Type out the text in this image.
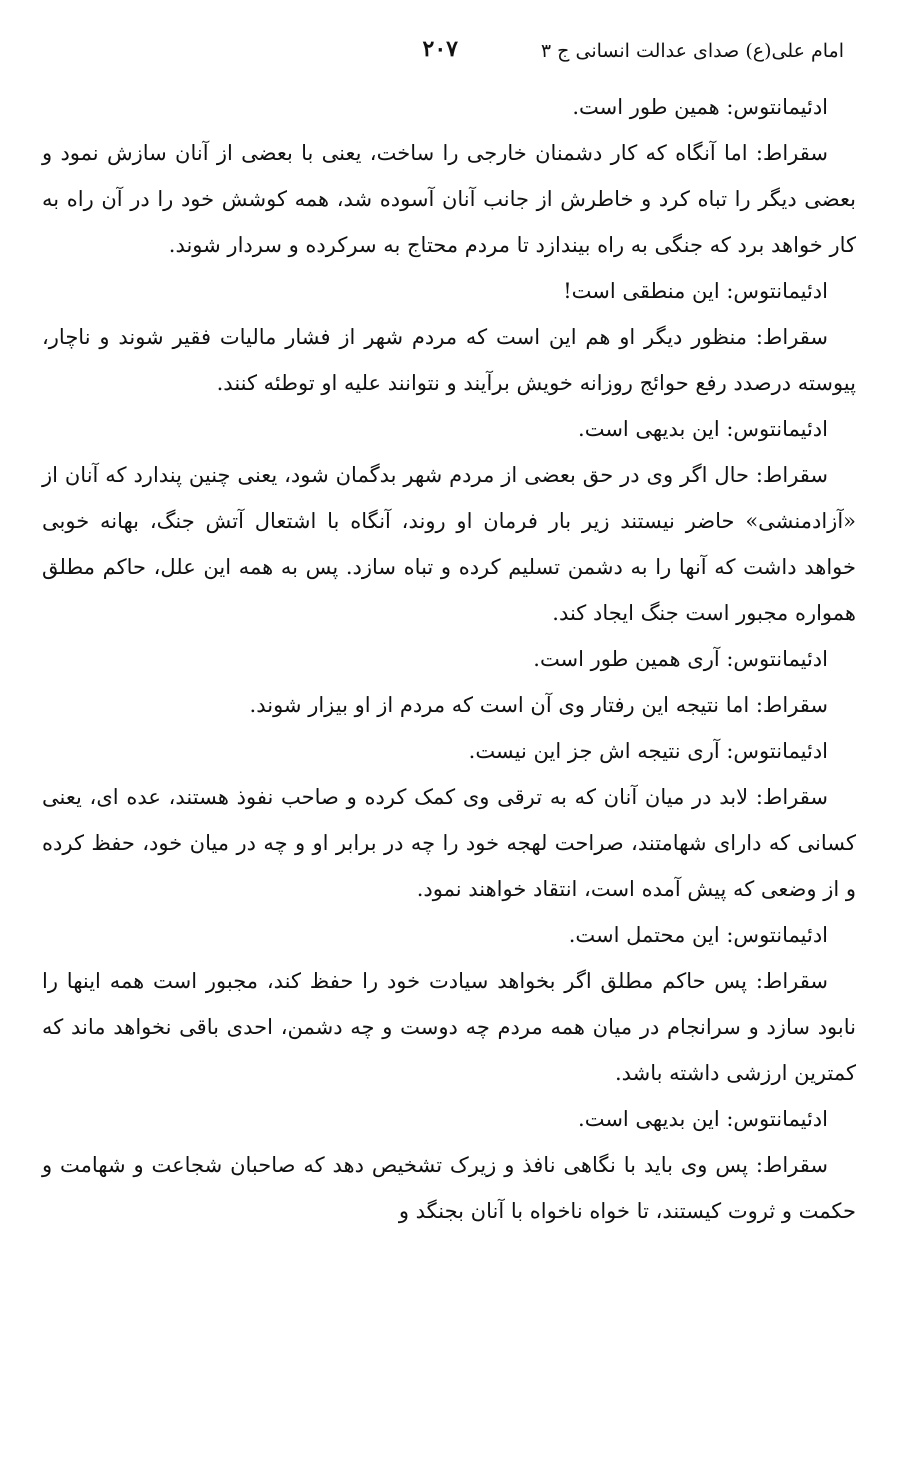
امام علی(ع) صدای عدالت انسانی ج ۳
۲۰۷

ادئیمانتوس: همین طور است.

سقراط: اما آنگاه که کار دشمنان خارجی را ساخت، یعنی با بعضی از آنان سازش نمود و بعضی دیگر را تباه کرد و خاطرش از جانب آنان آسوده شد، همه کوشش خود را در آن راه به کار خواهد برد که جنگی به راه بیندازد تا مردم محتاج به سرکرده و سردار شوند.

ادئیمانتوس: این منطقی است!

سقراط: منظور دیگر او هم این است که مردم شهر از فشار مالیات فقیر شوند و ناچار، پیوسته درصدد رفع حوائج روزانه خویش برآیند و نتوانند علیه او توطئه کنند.

ادئیمانتوس: این بدیهی است.

سقراط: حال اگر وی در حق بعضی از مردم شهر بدگمان شود، یعنی چنین پندارد که آنان از «آزادمنشی» حاضر نیستند زیر بار فرمان او روند، آنگاه با اشتعال آتش جنگ، بهانه خوبی خواهد داشت که آنها را به دشمن تسلیم کرده و تباه سازد. پس به همه این علل، حاکم مطلق همواره مجبور است جنگ ایجاد کند.

ادئیمانتوس: آری همین طور است.

سقراط: اما نتیجه این رفتار وی آن است که مردم از او بیزار شوند.

ادئیمانتوس: آری نتیجه اش جز این نیست.

سقراط: لابد در میان آنان که به ترقی وی کمک کرده و صاحب نفوذ هستند، عده ای، یعنی کسانی که دارای شهامتند، صراحت لهجه خود را چه در برابر او و چه در میان خود، حفظ کرده و از وضعی که پیش آمده است، انتقاد خواهند نمود.

ادئیمانتوس: این محتمل است.

سقراط: پس حاکم مطلق اگر بخواهد سیادت خود را حفظ کند، مجبور است همه اینها را نابود سازد و سرانجام در میان همه مردم چه دوست و چه دشمن، احدی باقی نخواهد ماند که کمترین ارزشی داشته باشد.

ادئیمانتوس: این بدیهی است.

سقراط: پس وی باید با نگاهی نافذ و زیرک تشخیص دهد که صاحبان شجاعت و شهامت و حکمت و ثروت کیستند، تا خواه ناخواه با آنان بجنگد و
